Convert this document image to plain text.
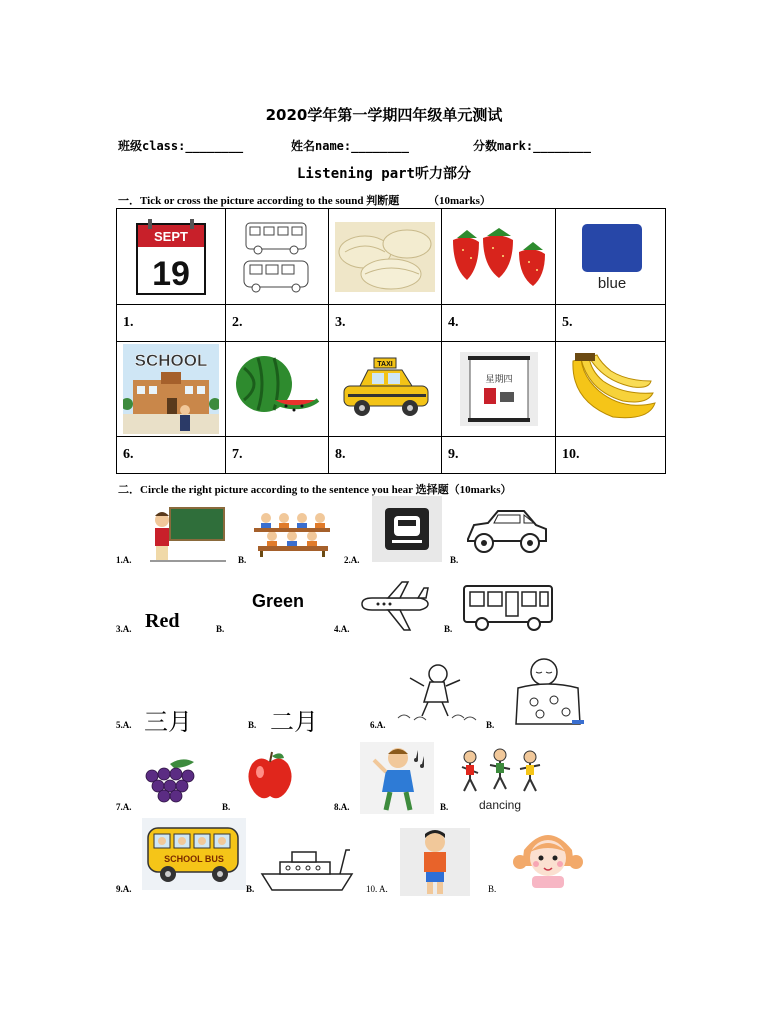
2020学年第一学期四年级单元测试
班级class:________	姓名name:________	分数mark:________
Listening part听力部分
一．Tick or cross the picture according to the sound 判断题	（10marks）
SEPT
19				blue

1.	2.	3.	4.	5.

SCHOOL		TAXI	星期四

6.	7.	8.	9.	10.
二．Circle the right picture according to the sentence you hear 选择题（10marks）
1.A.	B.	2.A.	B.
3.A. Red	B.
Green
4.A.	B.
5.A. 三月	B. 二月	6.A.	B.
7.A.	B.	8.A.	B.	dancing
9.A.
SCHOOL BUS
B.	10. A.	B.
